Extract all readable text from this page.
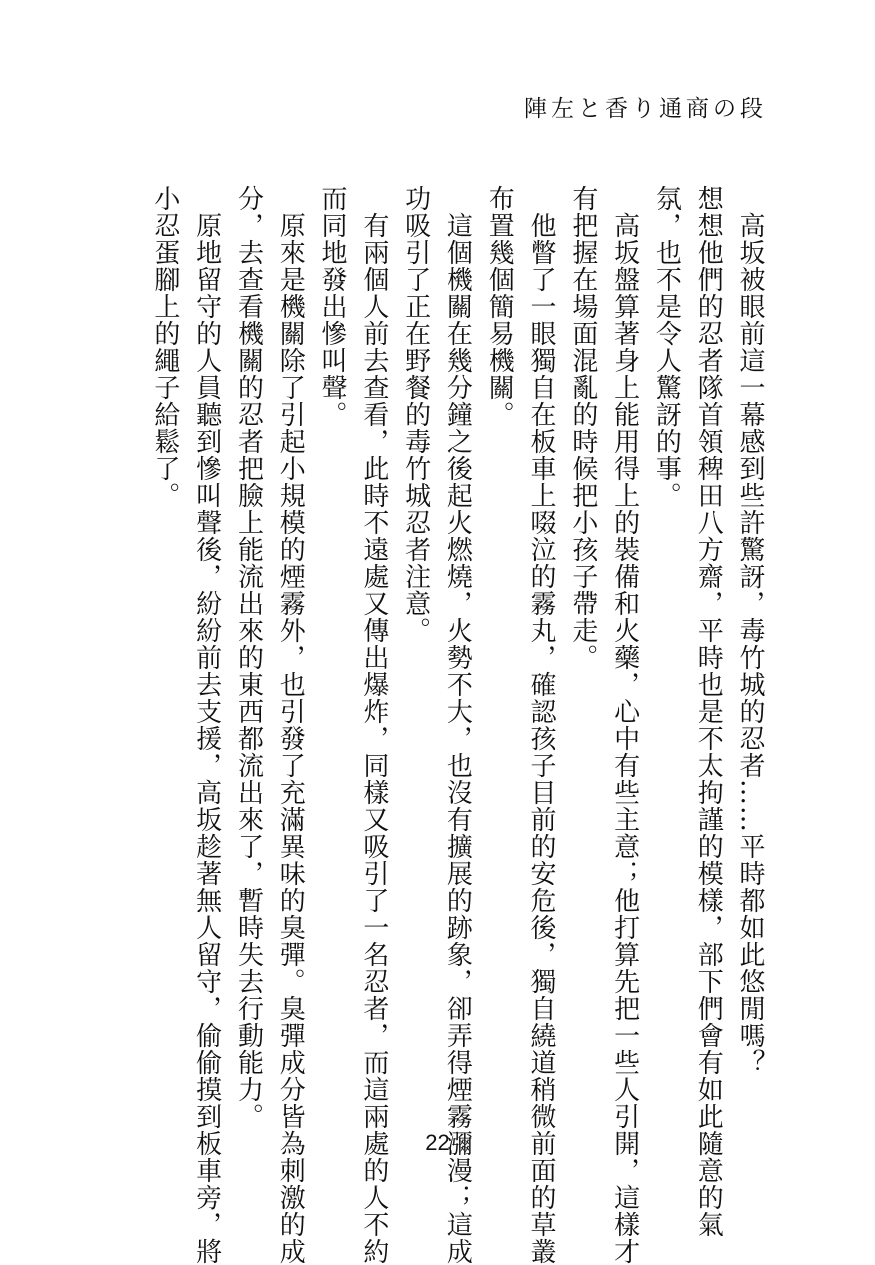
陣左と香り通商の段
　高坂被眼前這一幕感到些許驚訝，毒竹城的忍者……平時都如此悠閒嗎？
想想他們的忍者隊首領稗田八方齋，平時也是不太拘謹的模樣，部下們會有如此隨意的氣
氛，也不是令人驚訝的事。
　高坂盤算著身上能用得上的裝備和火藥，心中有些主意；他打算先把一些人引開，這樣才
有把握在場面混亂的時候把小孩子帶走。
　他瞥了一眼獨自在板車上啜泣的霧丸，確認孩子目前的安危後，獨自繞道稍微前面的草叢
布置幾個簡易機關。
　這個機關在幾分鐘之後起火燃燒，火勢不大，也沒有擴展的跡象，卻弄得煙霧瀰漫；這成
功吸引了正在野餐的毒竹城忍者注意。
　有兩個人前去查看，此時不遠處又傳出爆炸，同樣又吸引了一名忍者，而這兩處的人不約
而同地發出慘叫聲。
　原來是機關除了引起小規模的煙霧外，也引發了充滿異味的臭彈。臭彈成分皆為刺激的成
分，去查看機關的忍者把臉上能流出來的東西都流出來了，暫時失去行動能力。
　原地留守的人員聽到慘叫聲後，紛紛前去支援，高坂趁著無人留守，偷偷摸到板車旁，將
小忍蛋腳上的繩子給鬆了。
22
